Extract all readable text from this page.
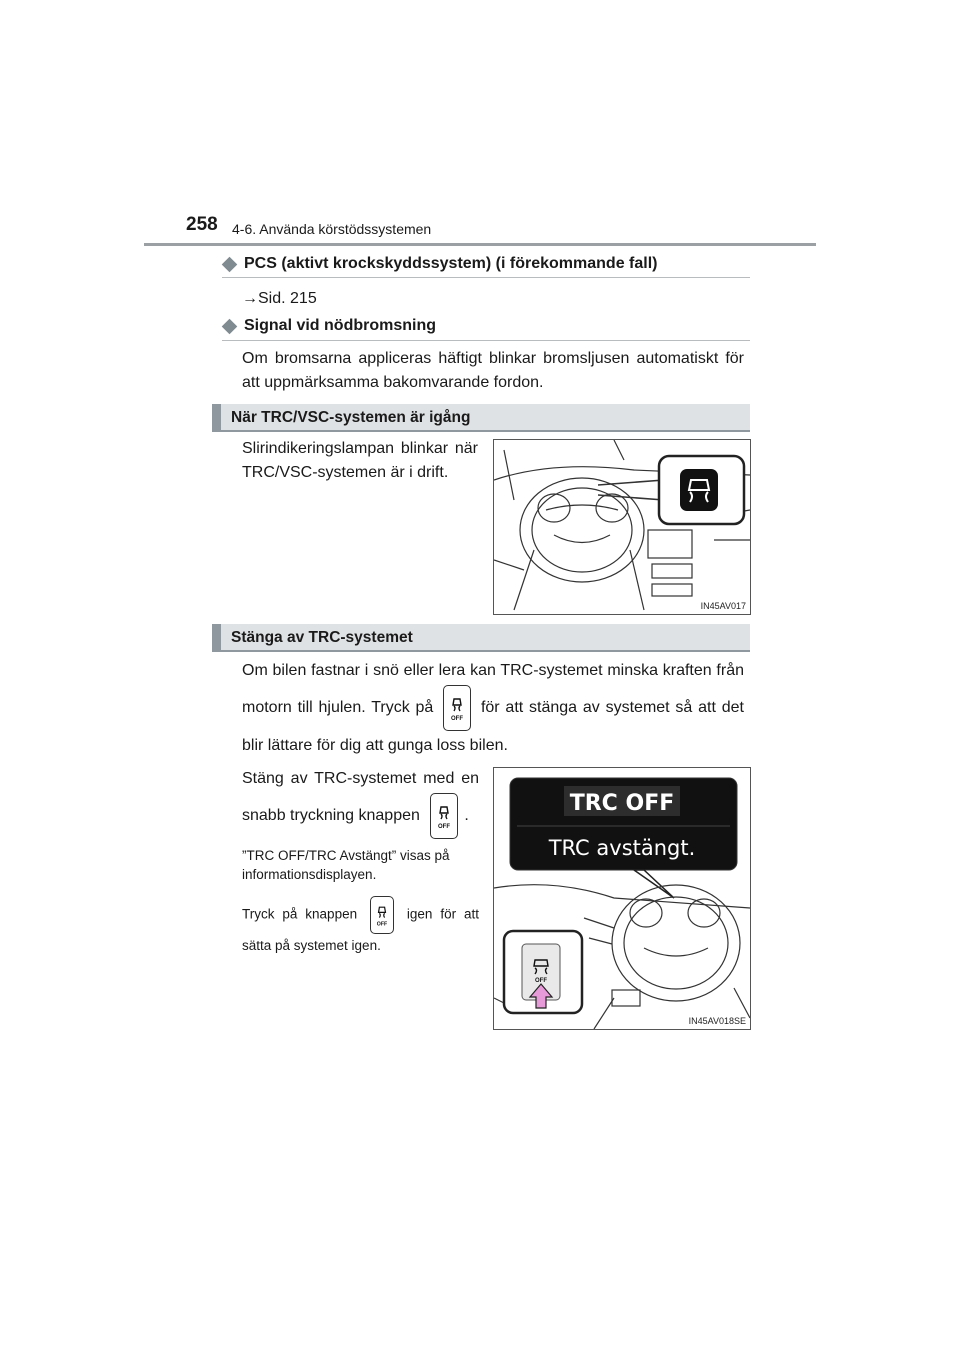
258 4-6. Använda körstödssystemen
PCS (aktivt krockskyddssystem) (i förekommande fall)
→Sid. 215
Signal vid nödbromsning
Om bromsarna appliceras häftigt blinkar bromsljusen automatiskt för att uppmärksamma bakomvarande fordon.
När TRC/VSC-systemen är igång
Slirindikeringslampan blinkar när TRC/VSC-systemen är i drift.
IN45AV017
Stänga av TRC-systemet
Om bilen fastnar i snö eller lera kan TRC-systemet minska kraften från motorn till hjulen. Tryck på
OFF
för att stänga av systemet så att det blir lättare för dig att gunga loss bilen.
Stäng av TRC-systemet med en snabb tryckning knappen
OFF
.
”TRC OFF/TRC Avstängt” visas på informationsdisplayen.
Tryck på knappen
OFF
igen för att sätta på systemet igen.
TRC OFF
TRC avstängt.
OFF
IN45AV018SE
